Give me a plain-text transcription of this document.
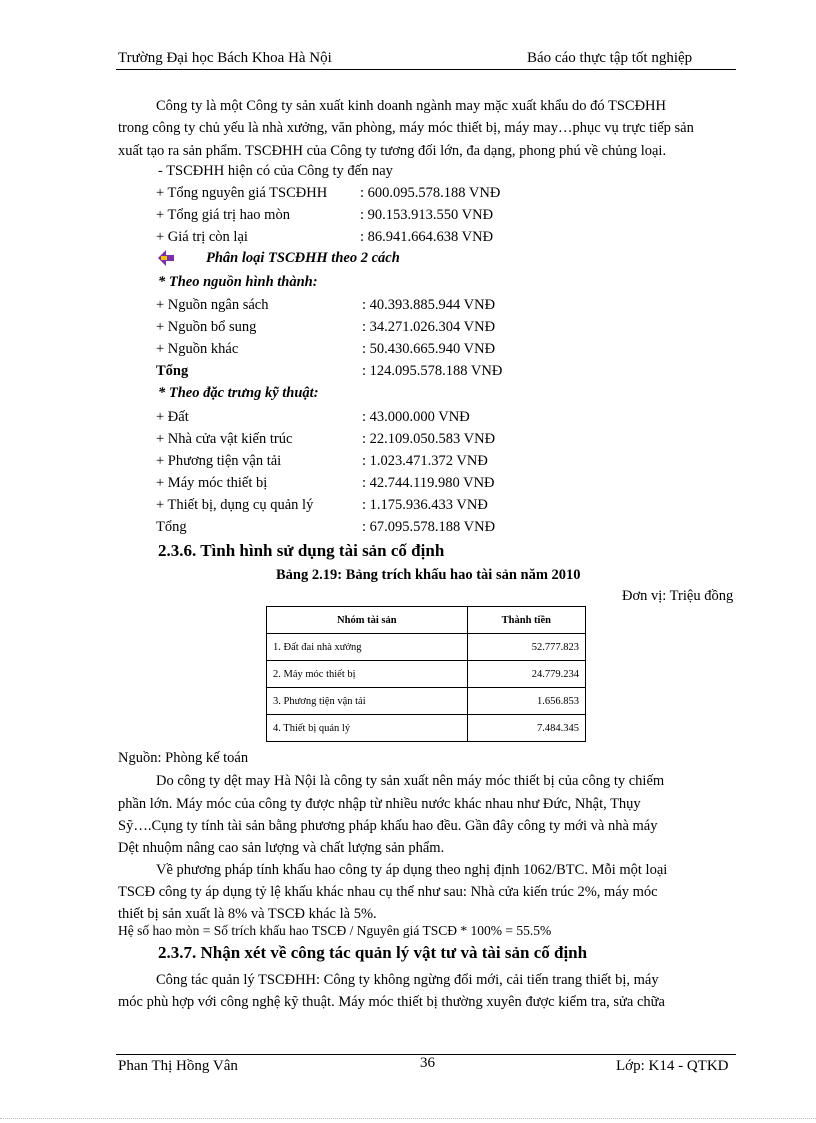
Trường Đại học Bách Khoa Hà Nội	Báo cáo thực tập tốt nghiệp
Công ty là một Công ty sản xuất kinh doanh ngành may mặc xuất khẩu do đó TSCĐHH
trong công ty chủ yếu là nhà xưởng, văn phòng, máy móc thiết bị, máy may…phục vụ trực tiếp sản
xuất tạo ra sản phẩm. TSCĐHH của Công ty tương đối lớn, đa dạng, phong phú về chủng loại.
- TSCĐHH hiện có của Công ty đến nay
+ Tổng nguyên giá TSCĐHH : 600.095.578.188 VNĐ
+ Tổng giá trị hao mòn	: 90.153.913.550 VNĐ
+ Giá trị còn lại	: 86.941.664.638 VNĐ
Phân loại TSCĐHH theo 2 cách
* Theo nguồn hình thành:
+ Nguồn ngân sách	: 40.393.885.944 VNĐ
+ Nguồn bổ sung	: 34.271.026.304 VNĐ
+ Nguồn khác	: 50.430.665.940 VNĐ
Tổng	: 124.095.578.188 VNĐ
* Theo đặc trưng kỹ thuật:
+ Đất	: 43.000.000 VNĐ
+ Nhà cửa vật kiến trúc	: 22.109.050.583 VNĐ
+ Phương tiện vận tải	: 1.023.471.372 VNĐ
+ Máy móc thiết bị	: 42.744.119.980 VNĐ
+ Thiết bị, dụng cụ quản lý	: 1.175.936.433 VNĐ
Tổng	: 67.095.578.188 VNĐ
2.3.6. Tình hình sử dụng tài sản cố định
Bảng 2.19: Bảng trích khấu hao tài sản năm 2010
Đơn vị: Triệu đồng
Nhóm tài sản	Thành tiền
1. Đất đai nhà xưởng	52.777.823
2. Máy móc thiết bị	24.779.234
3. Phương tiện vận tải	1.656.853
4. Thiết bị quản lý	7.484.345
Nguồn: Phòng kế toán
Do công ty dệt may Hà Nội là công ty sản xuất nên máy móc thiết bị của công ty chiếm
phần lớn. Máy móc của công ty được nhập từ nhiều nước khác nhau như Đức, Nhật, Thụy
Sỹ….Cụng ty tính tài sản bằng phương pháp khấu hao đều. Gần đây công ty mới và nhà máy
Dệt nhuộm nâng cao sản lượng và chất lượng sản phẩm.
Về phương pháp tính khấu hao công ty áp dụng theo nghị định 1062/BTC. Mỗi một loại
TSCĐ công ty áp dụng tỷ lệ khấu khác nhau cụ thể như sau: Nhà cửa kiến trúc 2%, máy móc
thiết bị sản xuất là 8% và TSCĐ khác là 5%.
Hệ số hao mòn = Số trích khấu hao TSCĐ / Nguyên giá TSCĐ * 100% = 55.5%
2.3.7. Nhận xét về công tác quản lý vật tư và tài sản cố định
Công tác quản lý TSCĐHH: Công ty không ngừng đổi mới, cải tiến trang thiết bị, máy
móc phù hợp với công nghệ kỹ thuật. Máy móc thiết bị thường xuyên được kiểm tra, sửa chữa
Phan Thị Hồng Vân	36	Lớp: K14 - QTKD
